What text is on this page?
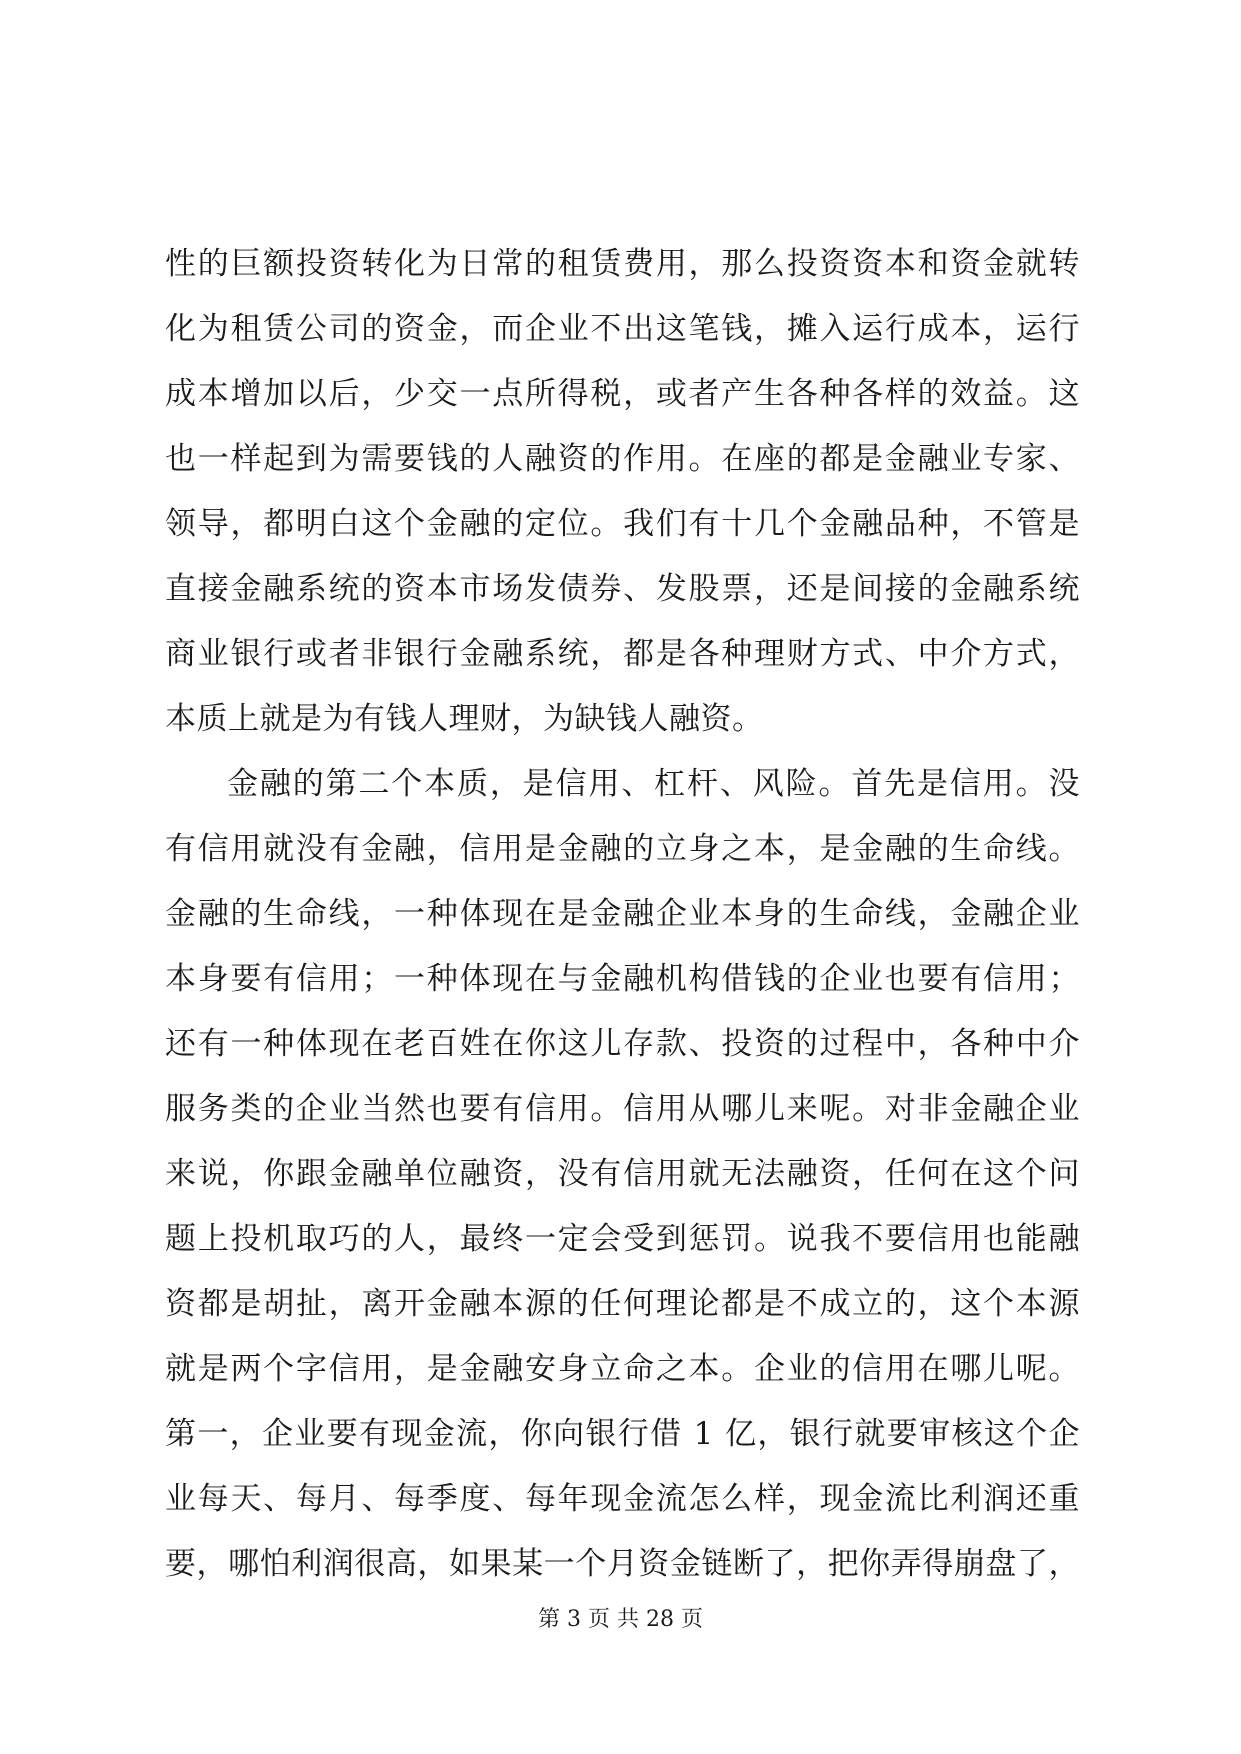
性的巨额投资转化为日常的租赁费用，那么投资资本和资金就转
化为租赁公司的资金，而企业不出这笔钱，摊入运行成本，运行
成本增加以后，少交一点所得税，或者产生各种各样的效益。这
也一样起到为需要钱的人融资的作用。在座的都是金融业专家、
领导，都明白这个金融的定位。我们有十几个金融品种，不管是
直接金融系统的资本市场发债券、发股票，还是间接的金融系统
商业银行或者非银行金融系统，都是各种理财方式、中介方式，
本质上就是为有钱人理财，为缺钱人融资。
金融的第二个本质，是信用、杠杆、风险。首先是信用。没
有信用就没有金融，信用是金融的立身之本，是金融的生命线。
金融的生命线，一种体现在是金融企业本身的生命线，金融企业
本身要有信用；一种体现在与金融机构借钱的企业也要有信用；
还有一种体现在老百姓在你这儿存款、投资的过程中，各种中介
服务类的企业当然也要有信用。信用从哪儿来呢。对非金融企业
来说，你跟金融单位融资，没有信用就无法融资，任何在这个问
题上投机取巧的人，最终一定会受到惩罚。说我不要信用也能融
资都是胡扯，离开金融本源的任何理论都是不成立的，这个本源
就是两个字信用，是金融安身立命之本。企业的信用在哪儿呢。
第一，企业要有现金流，你向银行借 1 亿，银行就要审核这个企
业每天、每月、每季度、每年现金流怎么样，现金流比利润还重
要，哪怕利润很高，如果某一个月资金链断了，把你弄得崩盘了，
第 3 页 共 28 页
